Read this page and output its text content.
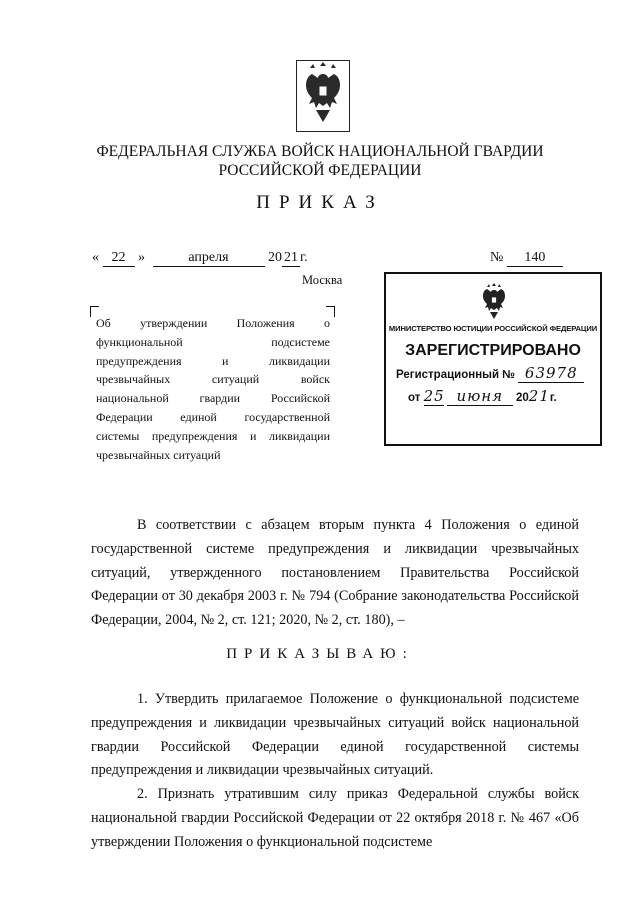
ФЕДЕРАЛЬНАЯ СЛУЖБА ВОЙСК НАЦИОНАЛЬНОЙ ГВАРДИИ
РОССИЙСКОЙ ФЕДЕРАЦИИ
ПРИКАЗ
« 22 »	апреля	20 21 г.	№ 140
Москва
Об утверждении Положения о
функциональной подсистеме
предупреждения и ликвидации
чрезвычайных ситуаций войск
национальной гвардии Российской
Федерации единой государственной
системы предупреждения и ликвидации
чрезвычайных ситуаций
МИНИСТЕРСТВО ЮСТИЦИИ РОССИЙСКОЙ ФЕДЕРАЦИИ
ЗАРЕГИСТРИРОВАНО
Регистрационный № 63978
от 25 июня 2021г.
В соответствии с абзацем вторым пункта 4 Положения о единой государственной системе предупреждения и ликвидации чрезвычайных ситуаций, утвержденного постановлением Правительства Российской Федерации от 30 декабря 2003 г. № 794 (Собрание законодательства Российской Федерации, 2004, № 2, ст. 121; 2020, № 2, ст. 180), –
ПРИКАЗЫВАЮ:
1. Утвердить прилагаемое Положение о функциональной подсистеме предупреждения и ликвидации чрезвычайных ситуаций войск национальной гвардии Российской Федерации единой государственной системы предупреждения и ликвидации чрезвычайных ситуаций.
2. Признать утратившим силу приказ Федеральной службы войск национальной гвардии Российской Федерации от 22 октября 2018 г. № 467 «Об утверждении Положения о функциональной подсистеме
